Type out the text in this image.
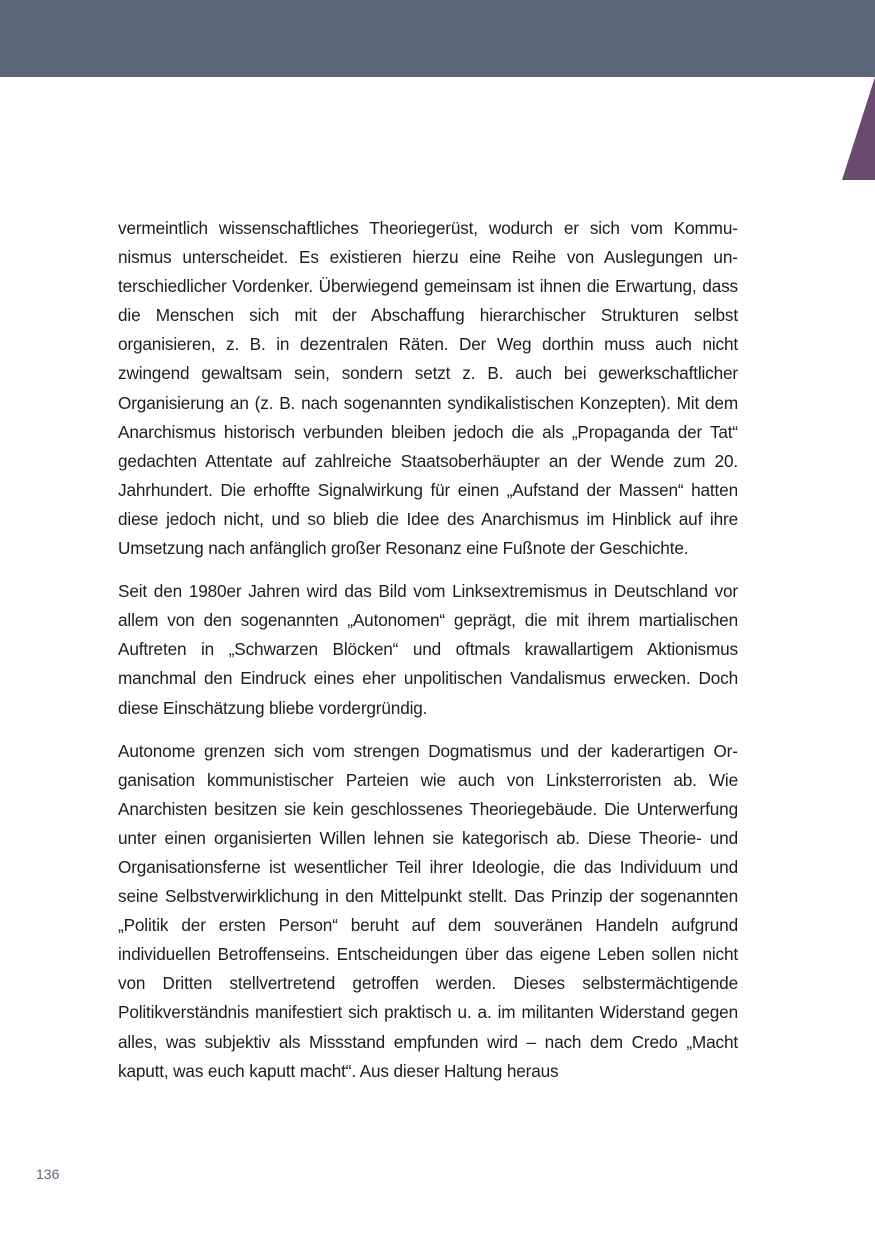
vermeintlich wissenschaftliches Theoriegerüst, wodurch er sich vom Kommunismus unterscheidet. Es existieren hierzu eine Reihe von Auslegungen unterschiedlicher Vordenker. Überwiegend gemeinsam ist ihnen die Erwartung, dass die Menschen sich mit der Abschaffung hierarchischer Strukturen selbst organisieren, z. B. in dezentralen Räten. Der Weg dorthin muss auch nicht zwingend gewaltsam sein, sondern setzt z. B. auch bei gewerkschaftlicher Organisierung an (z. B. nach sogenannten syndikalistischen Konzepten). Mit dem Anarchismus historisch verbunden bleiben jedoch die als „Propaganda der Tat“ gedachten Attentate auf zahlreiche Staatsoberhäupter an der Wende zum 20. Jahrhundert. Die erhoffte Signalwirkung für einen „Aufstand der Massen“ hatten diese jedoch nicht, und so blieb die Idee des Anarchismus im Hinblick auf ihre Umsetzung nach anfänglich großer Resonanz eine Fußnote der Geschichte.

Seit den 1980er Jahren wird das Bild vom Linksextremismus in Deutschland vor allem von den sogenannten „Autonomen“ geprägt, die mit ihrem martialischen Auftreten in „Schwarzen Blöcken“ und oftmals krawallartigem Aktionismus manchmal den Eindruck eines eher unpolitischen Vandalismus erwecken. Doch diese Einschätzung bliebe vordergründig.

Autonome grenzen sich vom strengen Dogmatismus und der kaderartigen Organisation kommunistischer Parteien wie auch von Linksterroristen ab. Wie Anarchisten besitzen sie kein geschlossenes Theoriegebäude. Die Unterwerfung unter einen organisierten Willen lehnen sie kategorisch ab. Diese Theorie- und Organisationsferne ist wesentlicher Teil ihrer Ideologie, die das Individuum und seine Selbstverwirklichung in den Mittelpunkt stellt. Das Prinzip der sogenannten „Politik der ersten Person“ beruht auf dem souveränen Handeln aufgrund individuellen Betroffenseins. Entscheidungen über das eigene Leben sollen nicht von Dritten stellvertretend getroffen werden. Dieses selbstermächtigende Politikverständnis manifestiert sich praktisch u. a. im militanten Widerstand gegen alles, was subjektiv als Missstand empfunden wird – nach dem Credo „Macht kaputt, was euch kaputt macht“. Aus dieser Haltung heraus

136
